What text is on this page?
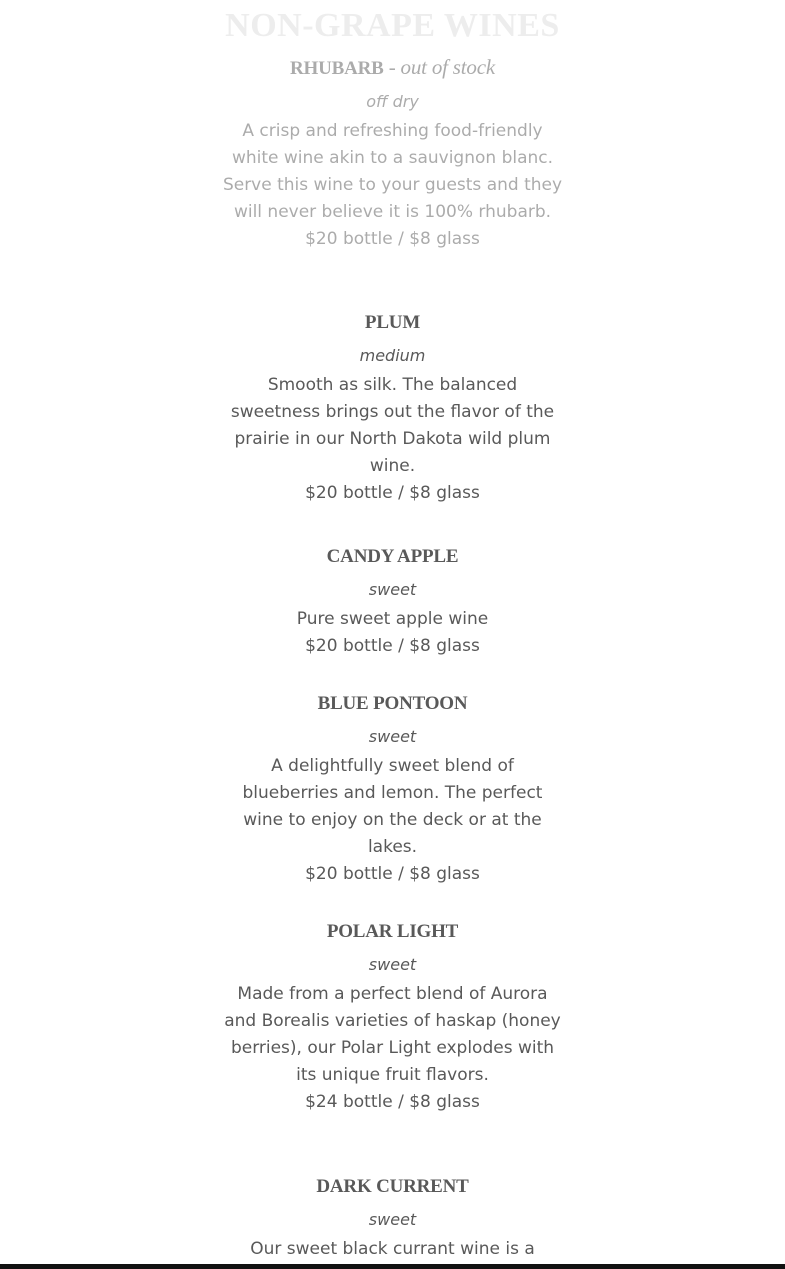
NON-GRAPE WINES
RHUBARB - out of stock
off dry
A crisp and refreshing food-friendly white wine akin to a sauvignon blanc. Serve this wine to your guests and they will never believe it is 100% rhubarb.
$20 bottle / $8 glass
PLUM
medium
Smooth as silk. The balanced sweetness brings out the flavor of the prairie in our North Dakota wild plum wine.
$20 bottle / $8 glass
CANDY APPLE
sweet
Pure sweet apple wine
$20 bottle / $8 glass
BLUE PONTOON
sweet
A delightfully sweet blend of blueberries and lemon. The perfect wine to enjoy on the deck or at the lakes.
$20 bottle / $8 glass
POLAR LIGHT
sweet
Made from a perfect blend of Aurora and Borealis varieties of haskap (honey berries), our Polar Light explodes with its unique fruit flavors.
$24 bottle / $8 glass
DARK CURRENT
sweet
Our sweet black currant wine is a
